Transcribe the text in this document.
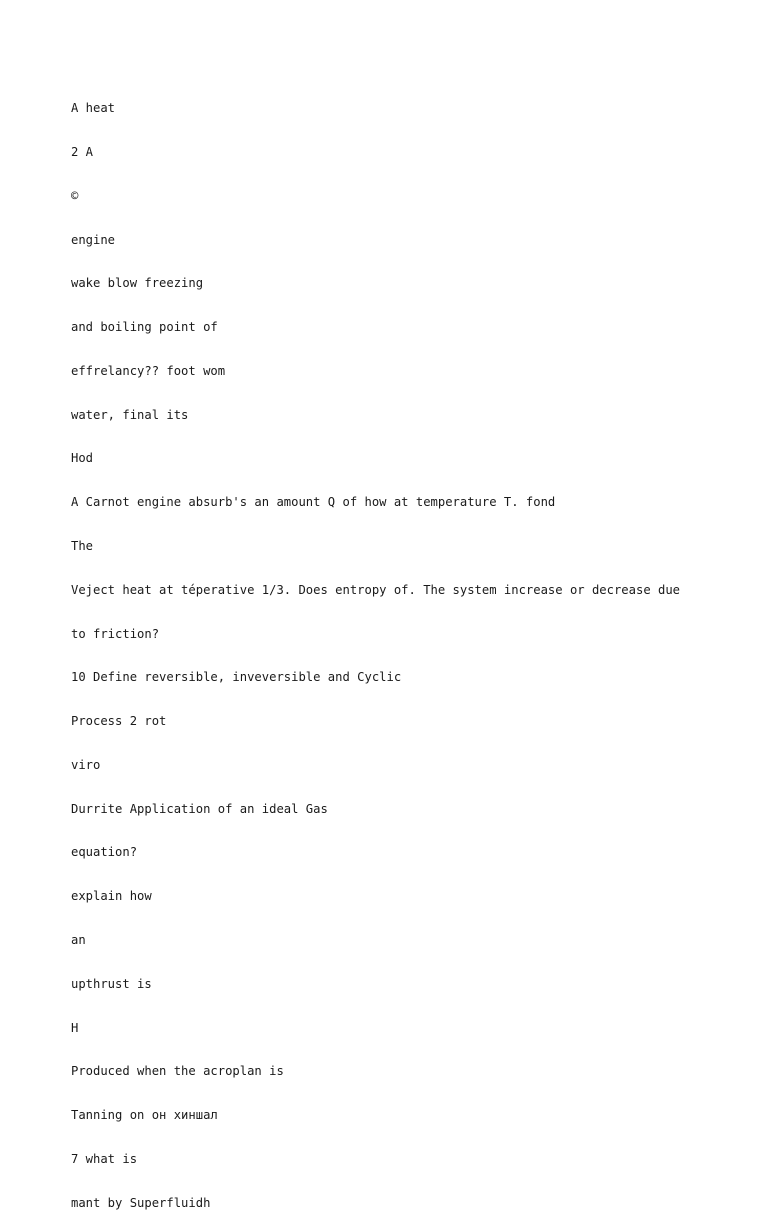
A heat

2 A

©

engine

wake blow freezing

and boiling point of

effrelancy?? foot wom

water, final its

Hod

A Carnot engine absurb's an amount Q of how at temperature T. fond

The

Veject heat at téperative 1/3. Does entropy of. The system increase or decrease due

to friction?

10 Define reversible, inveversible and Cyclic

Process 2 rot

viro

Durrite Application of an ideal Gas

equation?

explain how

an

upthrust is

H

Produced when the acroplan is

Tanning on он хиншал

7 what is

mant by Superfluidh
